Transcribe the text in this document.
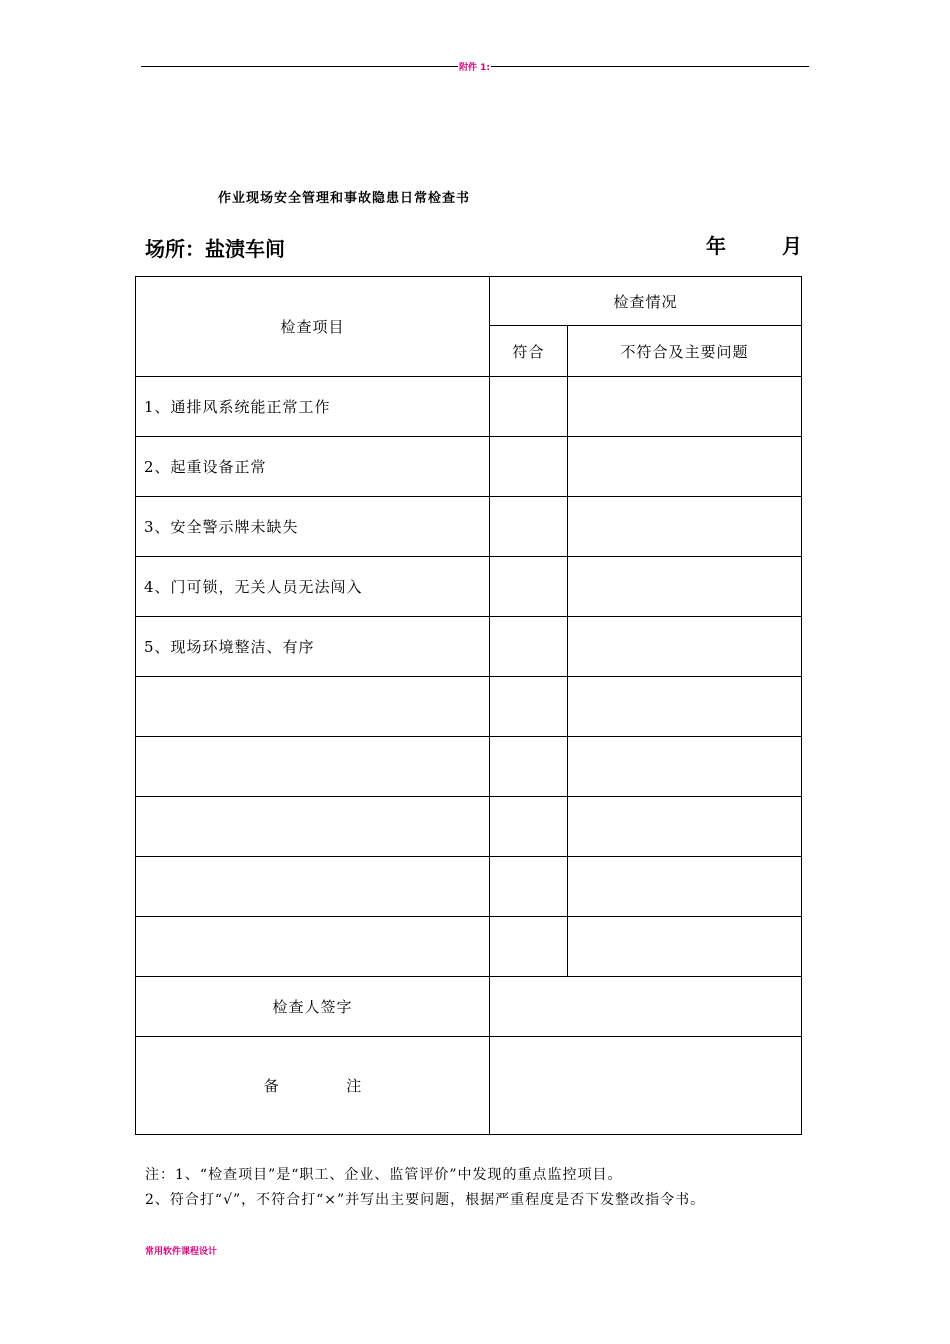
附件 1:
作业现场安全管理和事故隐患日常检查书
场所：盐渍车间	年	月
检查项目	检查情况	
	符合	不符合及主要问题
1、通排风系统能正常工作		
2、起重设备正常		
3、安全警示牌未缺失		
4、门可锁，无关人员无法闯入		
5、现场环境整洁、有序		

检查人签字		
备 注		
注：1、“检查项目”是“职工、企业、监管评价”中发现的重点监控项目。
2、符合打“√”，不符合打“×”并写出主要问题，根据严重程度是否下发整改指令书。
常用软件课程设计
